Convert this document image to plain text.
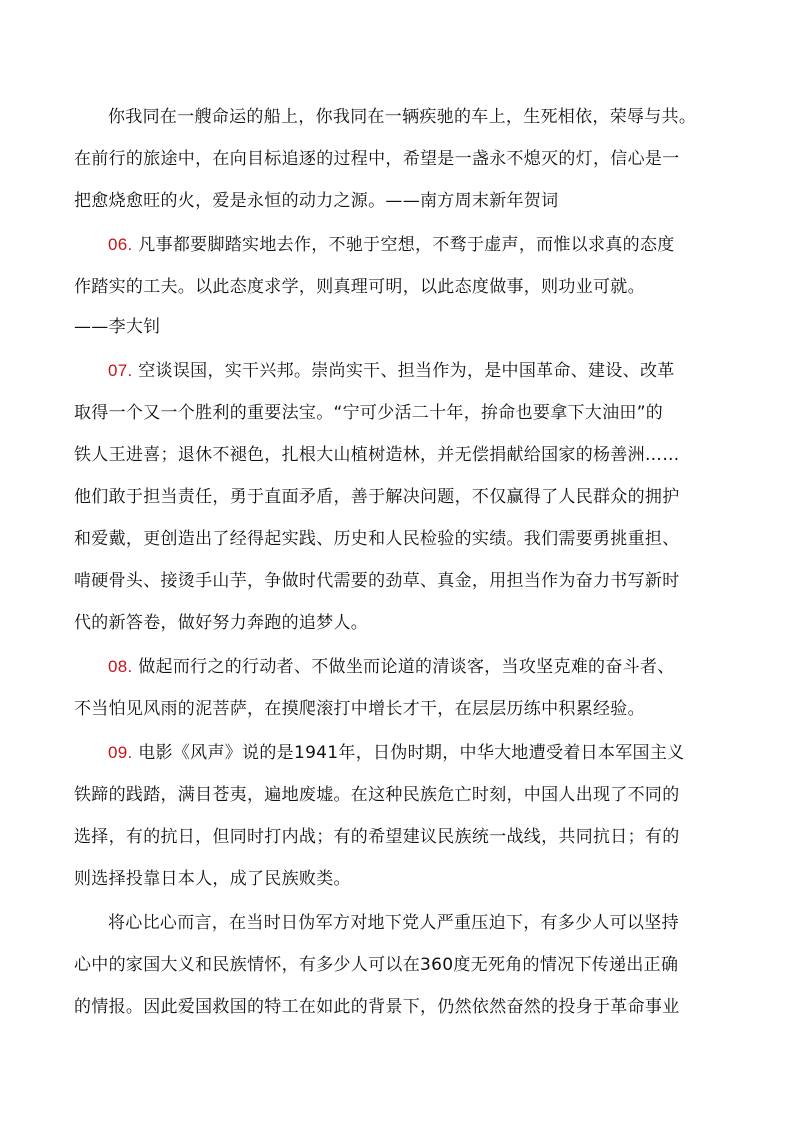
你我同在一艘命运的船上，你我同在一辆疾驰的车上，生死相依，荣辱与共。
在前行的旅途中，在向目标追逐的过程中，希望是一盏永不熄灭的灯，信心是一
把愈烧愈旺的火，爱是永恒的动力之源。——南方周末新年贺词
06. 凡事都要脚踏实地去作，不驰于空想，不骛于虚声，而惟以求真的态度
作踏实的工夫。以此态度求学，则真理可明，以此态度做事，则功业可就。
——李大钊
07. 空谈误国，实干兴邦。崇尚实干、担当作为，是中国革命、建设、改革
取得一个又一个胜利的重要法宝。“宁可少活二十年，拚命也要拿下大油田”的
铁人王进喜；退休不褪色，扎根大山植树造林，并无偿捐献给国家的杨善洲……
他们敢于担当责任，勇于直面矛盾，善于解决问题，不仅赢得了人民群众的拥护
和爱戴，更创造出了经得起实践、历史和人民检验的实绩。我们需要勇挑重担、
啃硬骨头、接烫手山芋，争做时代需要的劲草、真金，用担当作为奋力书写新时
代的新答卷，做好努力奔跑的追梦人。
08. 做起而行之的行动者、不做坐而论道的清谈客，当攻坚克难的奋斗者、
不当怕见风雨的泥菩萨，在摸爬滚打中增长才干，在层层历练中积累经验。
09. 电影《风声》说的是1941年，日伪时期，中华大地遭受着日本军国主义
铁蹄的践踏，满目苍夷，遍地废墟。在这种民族危亡时刻，中国人出现了不同的
选择，有的抗日，但同时打内战；有的希望建议民族统一战线，共同抗日；有的
则选择投靠日本人，成了民族败类。
将心比心而言，在当时日伪军方对地下党人严重压迫下，有多少人可以坚持
心中的家国大义和民族情怀，有多少人可以在360度无死角的情况下传递出正确
的情报。因此爱国救国的特工在如此的背景下，仍然依然奋然的投身于革命事业
